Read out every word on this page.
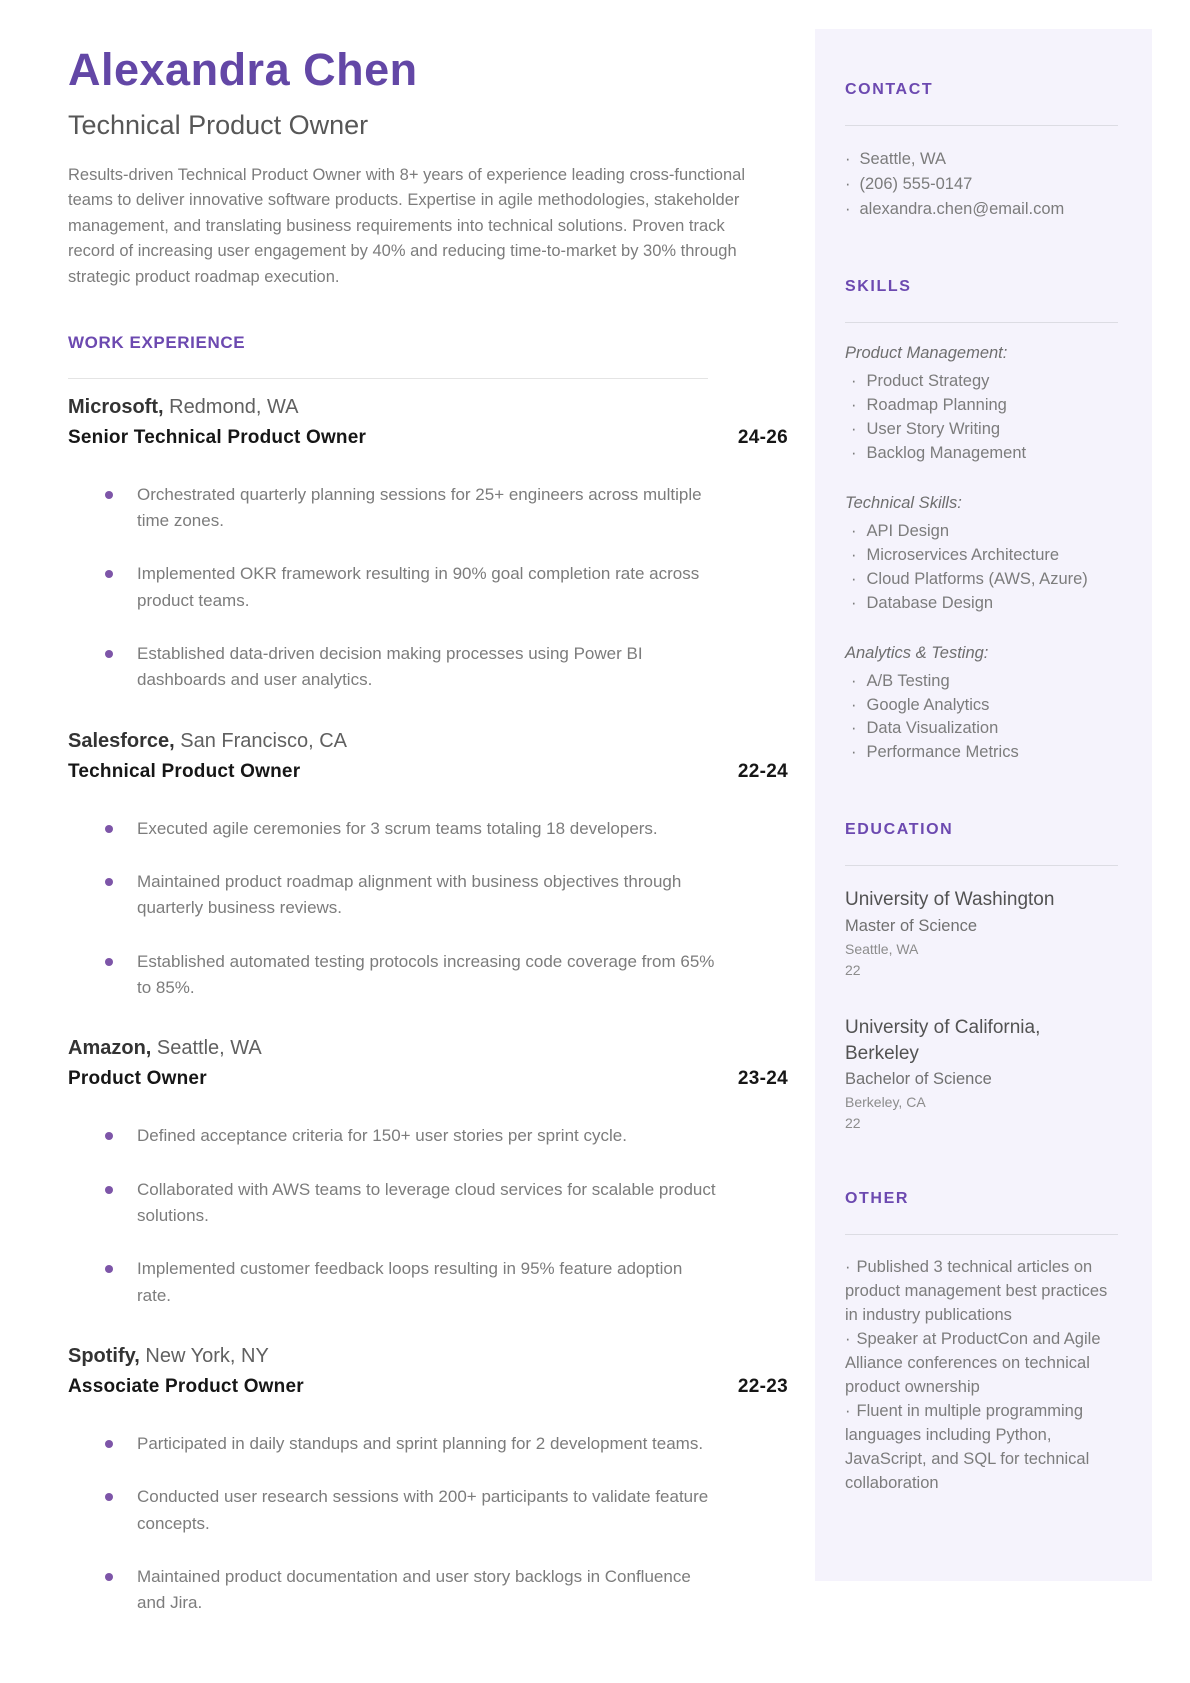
Alexandra Chen
Technical Product Owner

Results-driven Technical Product Owner with 8+ years of experience leading cross-functional teams to deliver innovative software products. Expertise in agile methodologies, stakeholder management, and translating business requirements into technical solutions. Proven track record of increasing user engagement by 40% and reducing time-to-market by 30% through strategic product roadmap execution.

WORK EXPERIENCE
Microsoft, Redmond, WA
Senior Technical Product Owner	24-26
Orchestrated quarterly planning sessions for 25+ engineers across multiple time zones.
Implemented OKR framework resulting in 90% goal completion rate across product teams.
Established data-driven decision making processes using Power BI dashboards and user analytics.
Salesforce, San Francisco, CA
Technical Product Owner	22-24
Executed agile ceremonies for 3 scrum teams totaling 18 developers.
Maintained product roadmap alignment with business objectives through quarterly business reviews.
Established automated testing protocols increasing code coverage from 65% to 85%.
Amazon, Seattle, WA
Product Owner	23-24
Defined acceptance criteria for 150+ user stories per sprint cycle.
Collaborated with AWS teams to leverage cloud services for scalable product solutions.
Implemented customer feedback loops resulting in 95% feature adoption rate.
Spotify, New York, NY
Associate Product Owner	22-23
Participated in daily standups and sprint planning for 2 development teams.
Conducted user research sessions with 200+ participants to validate feature concepts.
Maintained product documentation and user story backlogs in Confluence and Jira.
CONTACT
· Seattle, WA
· (206) 555-0147
· alexandra.chen@email.com
SKILLS
Product Management:
· Product Strategy
· Roadmap Planning
· User Story Writing
· Backlog Management
Technical Skills:
· API Design
· Microservices Architecture
· Cloud Platforms (AWS, Azure)
· Database Design
Analytics & Testing:
· A/B Testing
· Google Analytics
· Data Visualization
· Performance Metrics
EDUCATION
University of Washington
Master of Science
Seattle, WA
22
University of California, Berkeley
Bachelor of Science
Berkeley, CA
22
OTHER
· Published 3 technical articles on product management best practices in industry publications
· Speaker at ProductCon and Agile Alliance conferences on technical product ownership
· Fluent in multiple programming languages including Python, JavaScript, and SQL for technical collaboration
